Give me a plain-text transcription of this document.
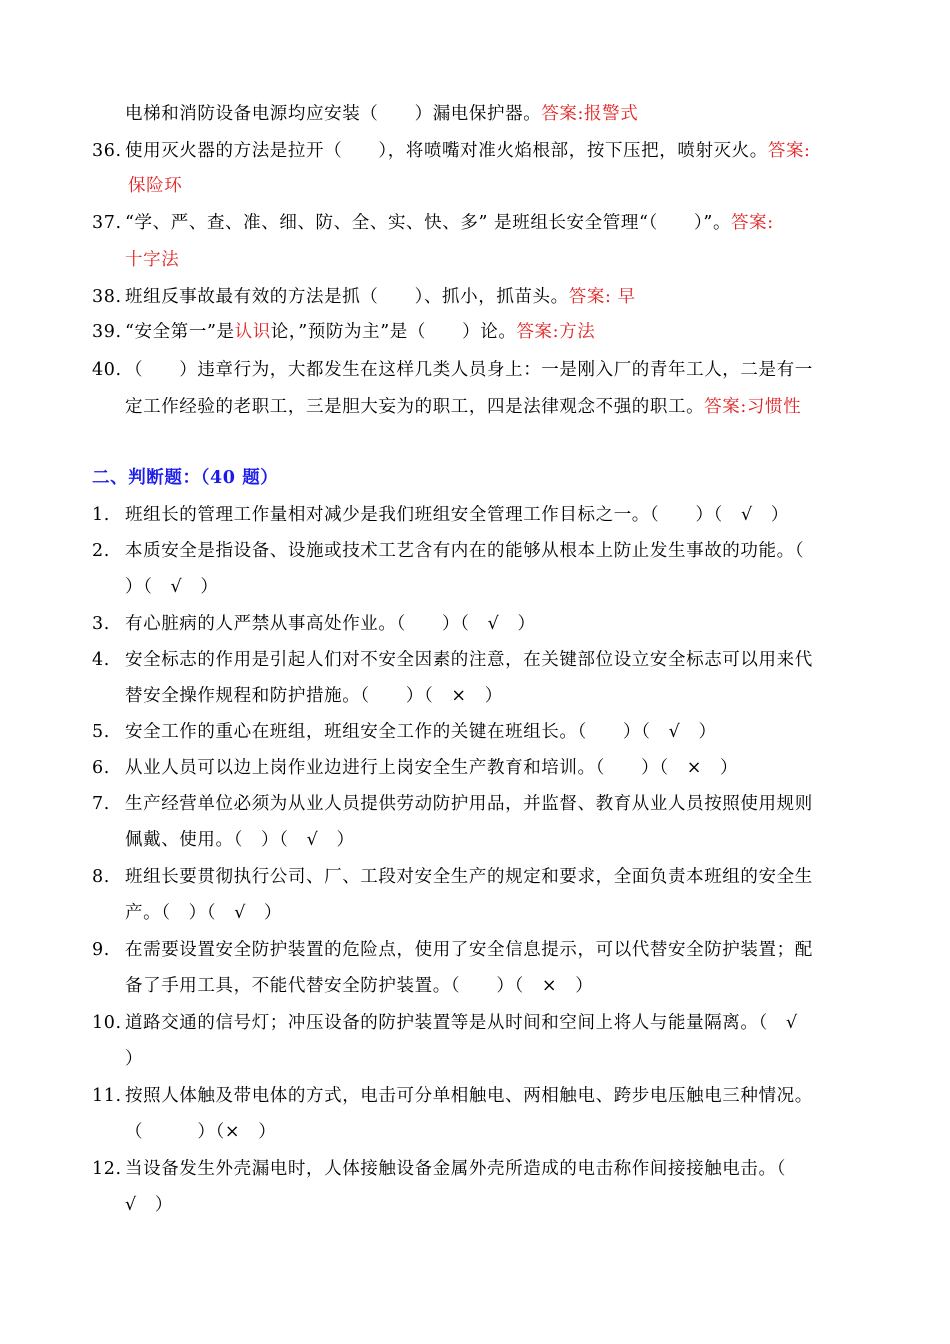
电梯和消防设备电源均应安装（　　）漏电保护器。答案:报警式
36. 使用灭火器的方法是拉开（　　），将喷嘴对准火焰根部，按下压把，喷射灭火。答案:
保险环
37. “学、严、查、准、细、防、全、实、快、多” 是班组长安全管理“（　　）”。答案:
十字法
38. 班组反事故最有效的方法是抓（　　）、抓小，抓苗头。答案: 早
39. “安全第一”是认识论，”预防为主”是（　　）论。答案:方法
40. （　　）违章行为，大都发生在这样几类人员身上：一是刚入厂的青年工人，二是有一
定工作经验的老职工，三是胆大妄为的职工，四是法律观念不强的职工。答案:习惯性
二、判断题：（40 题）
1. 班组长的管理工作量相对减少是我们班组安全管理工作目标之一。（　　）（　√　）
2. 本质安全是指设备、设施或技术工艺含有内在的能够从根本上防止发生事故的功能。（
）（　√　）
3. 有心脏病的人严禁从事高处作业。（　　）（　√　）
4. 安全标志的作用是引起人们对不安全因素的注意，在关键部位设立安全标志可以用来代
替安全操作规程和防护措施。（　　）（　×　）
5. 安全工作的重心在班组，班组安全工作的关键在班组长。（　　）（　√　）
6. 从业人员可以边上岗作业边进行上岗安全生产教育和培训。（　　）（　×　）
7. 生产经营单位必须为从业人员提供劳动防护用品，并监督、教育从业人员按照使用规则
佩戴、使用。（　）（　√　）
8. 班组长要贯彻执行公司、厂、工段对安全生产的规定和要求，全面负责本班组的安全生
产。（　）（　√　）
9. 在需要设置安全防护装置的危险点，使用了安全信息提示，可以代替安全防护装置；配
备了手用工具，不能代替安全防护装置。（　　）（　×　）
10. 道路交通的信号灯；冲压设备的防护装置等是从时间和空间上将人与能量隔离。（　√
）
11. 按照人体触及带电体的方式，电击可分单相触电、两相触电、跨步电压触电三种情况。
（　　　）（×　）
12. 当设备发生外壳漏电时，人体接触设备金属外壳所造成的电击称作间接接触电击。（
√　）
